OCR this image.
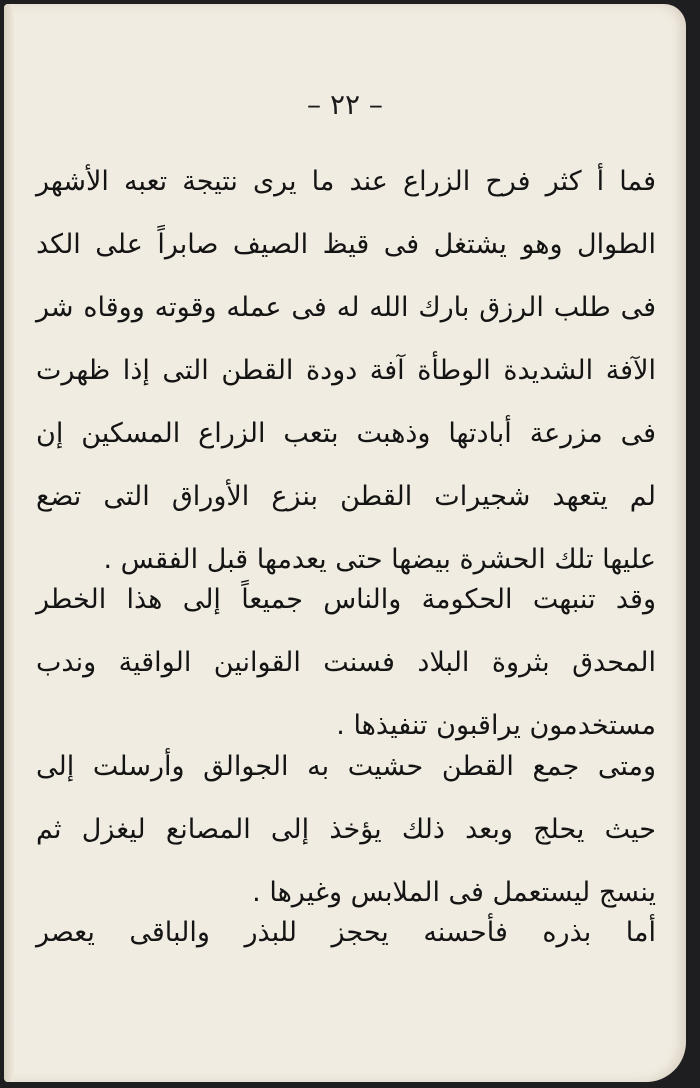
– ٢٢ –
فما أ كثر فرح الزراع عند ما يرى نتيجة تعبه الأشهر
الطوال وهو يشتغل فى قيظ الصيف صابراً على الكد
فى طلب الرزق بارك الله له فى عمله وقوته ووقاه شر
الآفة الشديدة الوطأة آفة دودة القطن التى إذا ظهرت
فى مزرعة أبادتها وذهبت بتعب الزراع المسكين إن
لم يتعهد شجيرات القطن بنزع الأوراق التى تضع
عليها تلك الحشرة بيضها حتى يعدمها قبل الفقس .
وقد تنبهت الحكومة والناس جميعاً إلى هذا الخطر
المحدق بثروة البلاد فسنت القوانين الواقية وندب
مستخدمون يراقبون تنفيذها .
ومتى جمع القطن حشيت به الجوالق وأرسلت إلى
حيث يحلج وبعد ذلك يؤخذ إلى المصانع ليغزل ثم
ينسج ليستعمل فى الملابس وغيرها .
أما بذره فأحسنه يحجز للبذر والباقى يعصر
